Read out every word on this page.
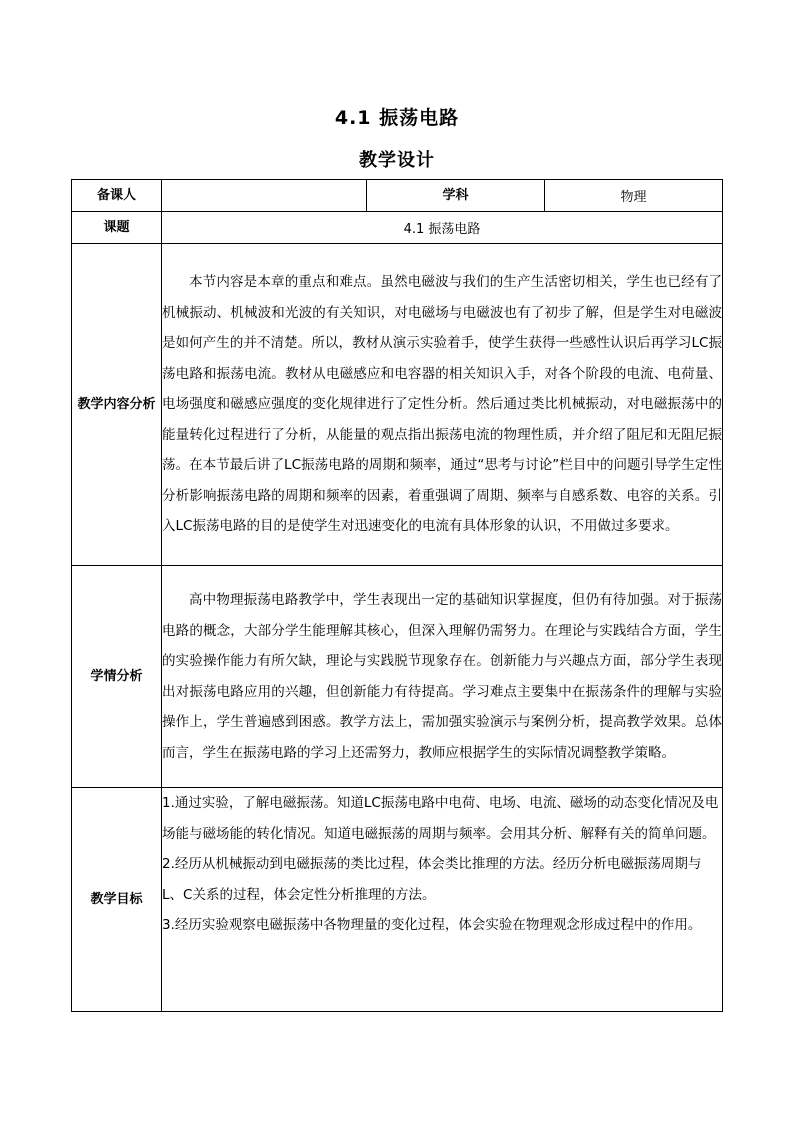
4.1 振荡电路
教学设计
备课人		学科	物理
课题	4.1 振荡电路		
教学内容分析	本节内容是本章的重点和难点。虽然电磁波与我们的生产生活密切相关，学生也已经有了机械振动、机械波和光波的有关知识，对电磁场与电磁波也有了初步了解，但是学生对电磁波是如何产生的并不清楚。所以，教材从演示实验着手，使学生获得一些感性认识后再学习LC振荡电路和振荡电流。教材从电磁感应和电容器的相关知识入手，对各个阶段的电流、电荷量、电场强度和磁感应强度的变化规律进行了定性分析。然后通过类比机械振动，对电磁振荡中的能量转化过程进行了分析，从能量的观点指出振荡电流的物理性质，并介绍了阻尼和无阻尼振荡。在本节最后讲了LC振荡电路的周期和频率，通过“思考与讨论”栏目中的问题引导学生定性分析影响振荡电路的周期和频率的因素，着重强调了周期、频率与自感系数、电容的关系。引入LC振荡电路的目的是使学生对迅速变化的电流有具体形象的认识，不用做过多要求。		

学情分析	高中物理振荡电路教学中，学生表现出一定的基础知识掌握度，但仍有待加强。对于振荡电路的概念，大部分学生能理解其核心，但深入理解仍需努力。在理论与实践结合方面，学生的实验操作能力有所欠缺，理论与实践脱节现象存在。创新能力与兴趣点方面，部分学生表现出对振荡电路应用的兴趣，但创新能力有待提高。学习难点主要集中在振荡条件的理解与实验操作上，学生普遍感到困惑。教学方法上，需加强实验演示与案例分析，提高教学效果。总体而言，学生在振荡电路的学习上还需努力，教师应根据学生的实际情况调整教学策略。		

教学目标	1.通过实验，了解电磁振荡。知道LC振荡电路中电荷、电场、电流、磁场的动态变化情况及电场能与磁场能的转化情况。知道电磁振荡的周期与频率。会用其分析、解释有关的简单问题。

2.经历从机械振动到电磁振荡的类比过程，体会类比推理的方法。经历分析电磁振荡周期与L、C关系的过程，体会定性分析推理的方法。

3.经历实验观察电磁振荡中各物理量的变化过程，体会实验在物理观念形成过程中的作用。		
